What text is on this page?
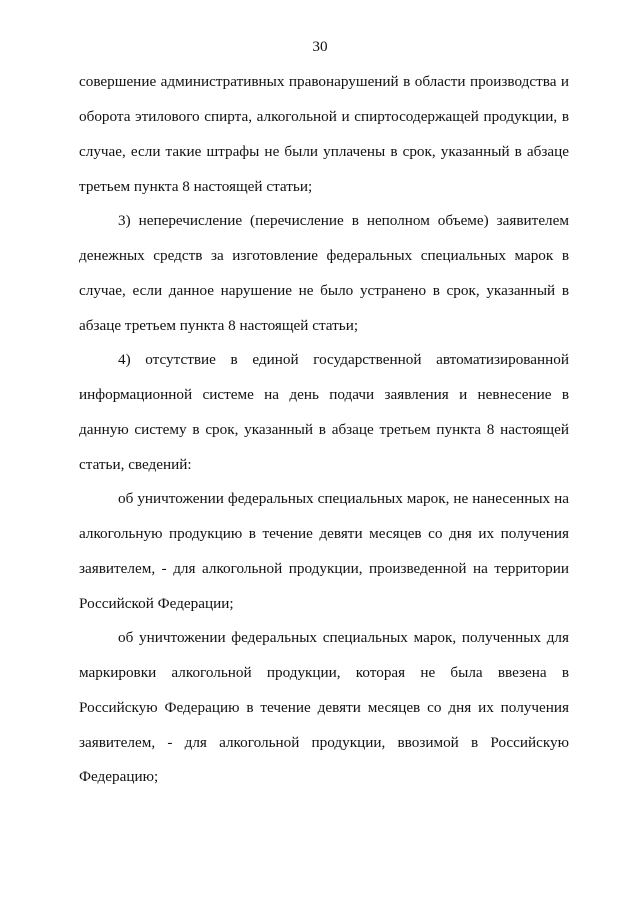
30
совершение административных правонарушений в области производства и
оборота этилового спирта, алкогольной и спиртосодержащей продукции, в
случае, если такие штрафы не были уплачены в срок, указанный в абзаце
третьем пункта 8 настоящей статьи;
3) неперечисление (перечисление в неполном объеме) заявителем
денежных средств за изготовление федеральных специальных марок в
случае, если данное нарушение не было устранено в срок, указанный в
абзаце третьем пункта 8 настоящей статьи;
4) отсутствие в единой государственной автоматизированной
информационной системе на день подачи заявления и невнесение в
данную систему в срок, указанный в абзаце третьем пункта 8 настоящей
статьи, сведений:
об уничтожении федеральных специальных марок, не нанесенных на
алкогольную продукцию в течение девяти месяцев со дня их получения
заявителем, - для алкогольной продукции, произведенной на территории
Российской Федерации;
об уничтожении федеральных специальных марок, полученных для
маркировки алкогольной продукции, которая не была ввезена в
Российскую Федерацию в течение девяти месяцев со дня их получения
заявителем, - для алкогольной продукции, ввозимой в Российскую
Федерацию;
